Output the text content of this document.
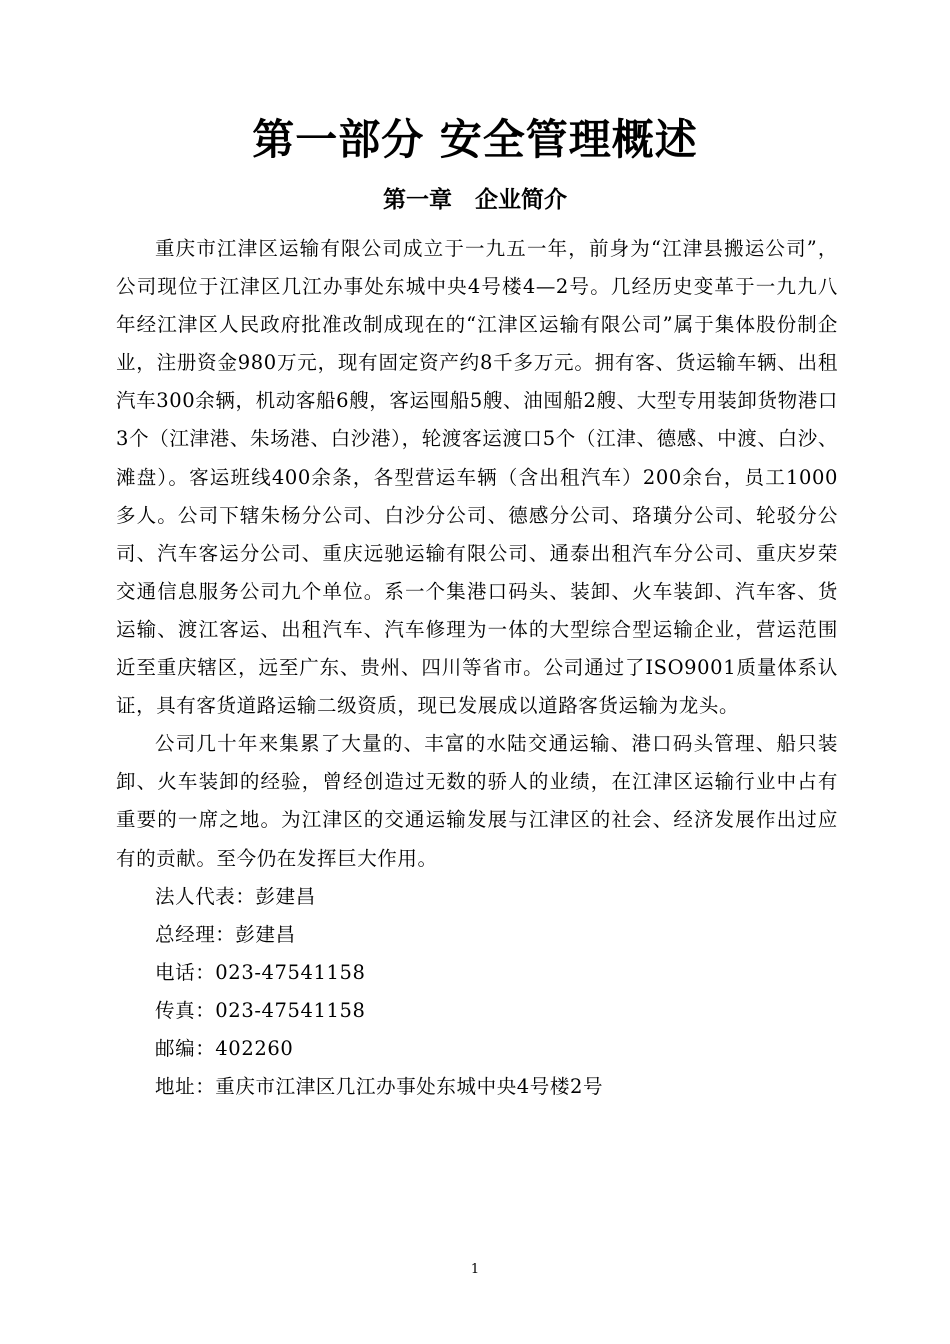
第一部分 安全管理概述
第一章　企业简介

重庆市江津区运输有限公司成立于一九五一年，前身为“江津县搬运公司”，公司现位于江津区几江办事处东城中央4号楼4—2号。几经历史变革于一九九八年经江津区人民政府批准改制成现在的“江津区运输有限公司”属于集体股份制企业，注册资金980万元，现有固定资产约8千多万元。拥有客、货运输车辆、出租汽车300余辆，机动客船6艘，客运囤船5艘、油囤船2艘、大型专用装卸货物港口3个（江津港、朱场港、白沙港），轮渡客运渡口5个（江津、德感、中渡、白沙、滩盘）。客运班线400余条，各型营运车辆（含出租汽车）200余台，员工1000多人。公司下辖朱杨分公司、白沙分公司、德感分公司、珞璜分公司、轮驳分公司、汽车客运分公司、重庆远驰运输有限公司、通泰出租汽车分公司、重庆岁荣交通信息服务公司九个单位。系一个集港口码头、装卸、火车装卸、汽车客、货运输、渡江客运、出租汽车、汽车修理为一体的大型综合型运输企业，营运范围近至重庆辖区，远至广东、贵州、四川等省市。公司通过了ISO9001质量体系认证，具有客货道路运输二级资质，现已发展成以道路客货运输为龙头。

公司几十年来集累了大量的、丰富的水陆交通运输、港口码头管理、船只装卸、火车装卸的经验，曾经创造过无数的骄人的业绩，在江津区运输行业中占有重要的一席之地。为江津区的交通运输发展与江津区的社会、经济发展作出过应有的贡献。至今仍在发挥巨大作用。

法人代表：彭建昌
总经理：彭建昌
电话：023-47541158
传真：023-47541158
邮编：402260
地址：重庆市江津区几江办事处东城中央4号楼2号
1
